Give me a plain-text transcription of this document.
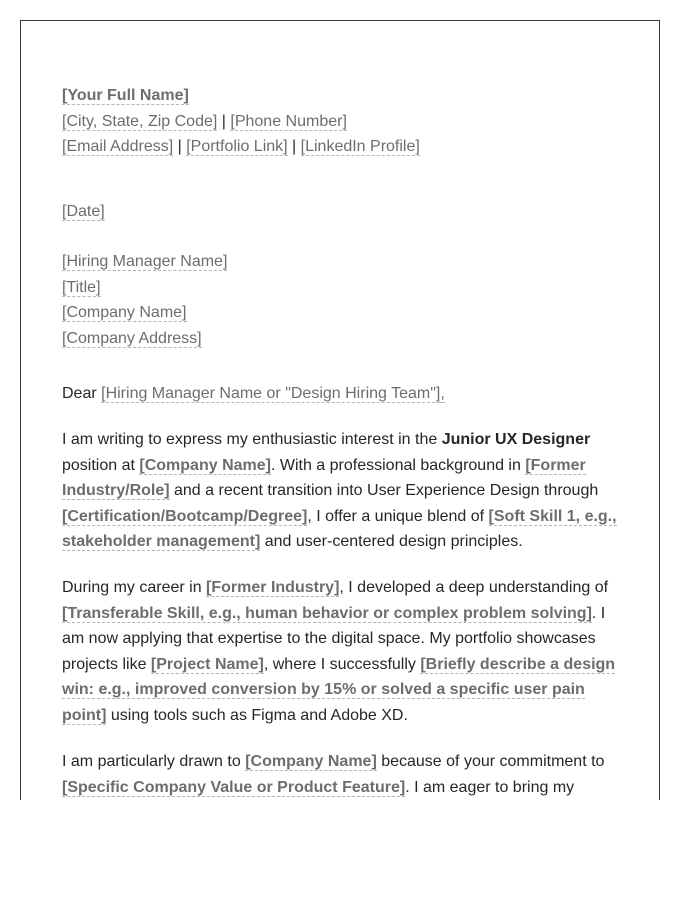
[Your Full Name]
[City, State, Zip Code] | [Phone Number]
[Email Address] | [Portfolio Link] | [LinkedIn Profile]
[Date]
[Hiring Manager Name]
[Title]
[Company Name]
[Company Address]
Dear [Hiring Manager Name or "Design Hiring Team"],

I am writing to express my enthusiastic interest in the Junior UX Designer
position at [Company Name]. With a professional background in [Former Industry/Role] and a recent transition into User Experience Design through [Certification/Bootcamp/Degree], I offer a unique blend of [Soft Skill 1, e.g., stakeholder management] and user-centered design principles.

During my career in [Former Industry], I developed a deep understanding of [Transferable Skill, e.g., human behavior or complex problem solving]. I am now applying that expertise to the digital space. My portfolio showcases projects like [Project Name], where I successfully [Briefly describe a design win: e.g., improved conversion by 15% or solved a specific user pain point] using tools such as Figma and Adobe XD.

I am particularly drawn to [Company Name] because of your commitment to [Specific Company Value or Product Feature]. I am eager to bring my
